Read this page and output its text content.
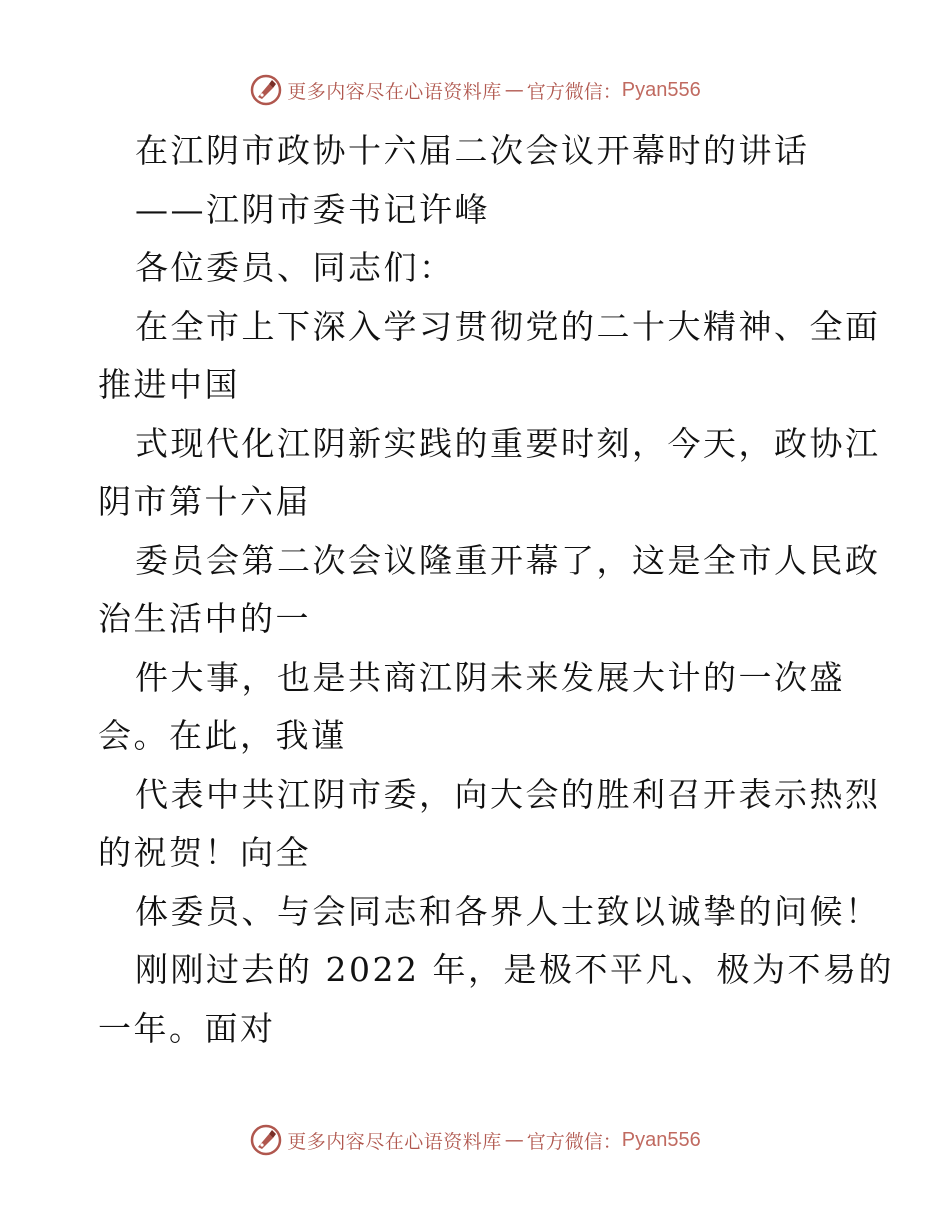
更多内容尽在心语资料库 — 官方微信： Pyan556
在江阴市政协十六届二次会议开幕时的讲话
——江阴市委书记许峰
各位委员、同志们：
在全市上下深入学习贯彻党的二十大精神、全面
推进中国
式现代化江阴新实践的重要时刻，今天，政协江
阴市第十六届
委员会第二次会议隆重开幕了，这是全市人民政
治生活中的一
件大事，也是共商江阴未来发展大计的一次盛
会。在此，我谨
代表中共江阴市委，向大会的胜利召开表示热烈
的祝贺！向全
体委员、与会同志和各界人士致以诚挚的问候！
刚刚过去的 2022 年，是极不平凡、极为不易的
一年。面对
更多内容尽在心语资料库 — 官方微信： Pyan556
